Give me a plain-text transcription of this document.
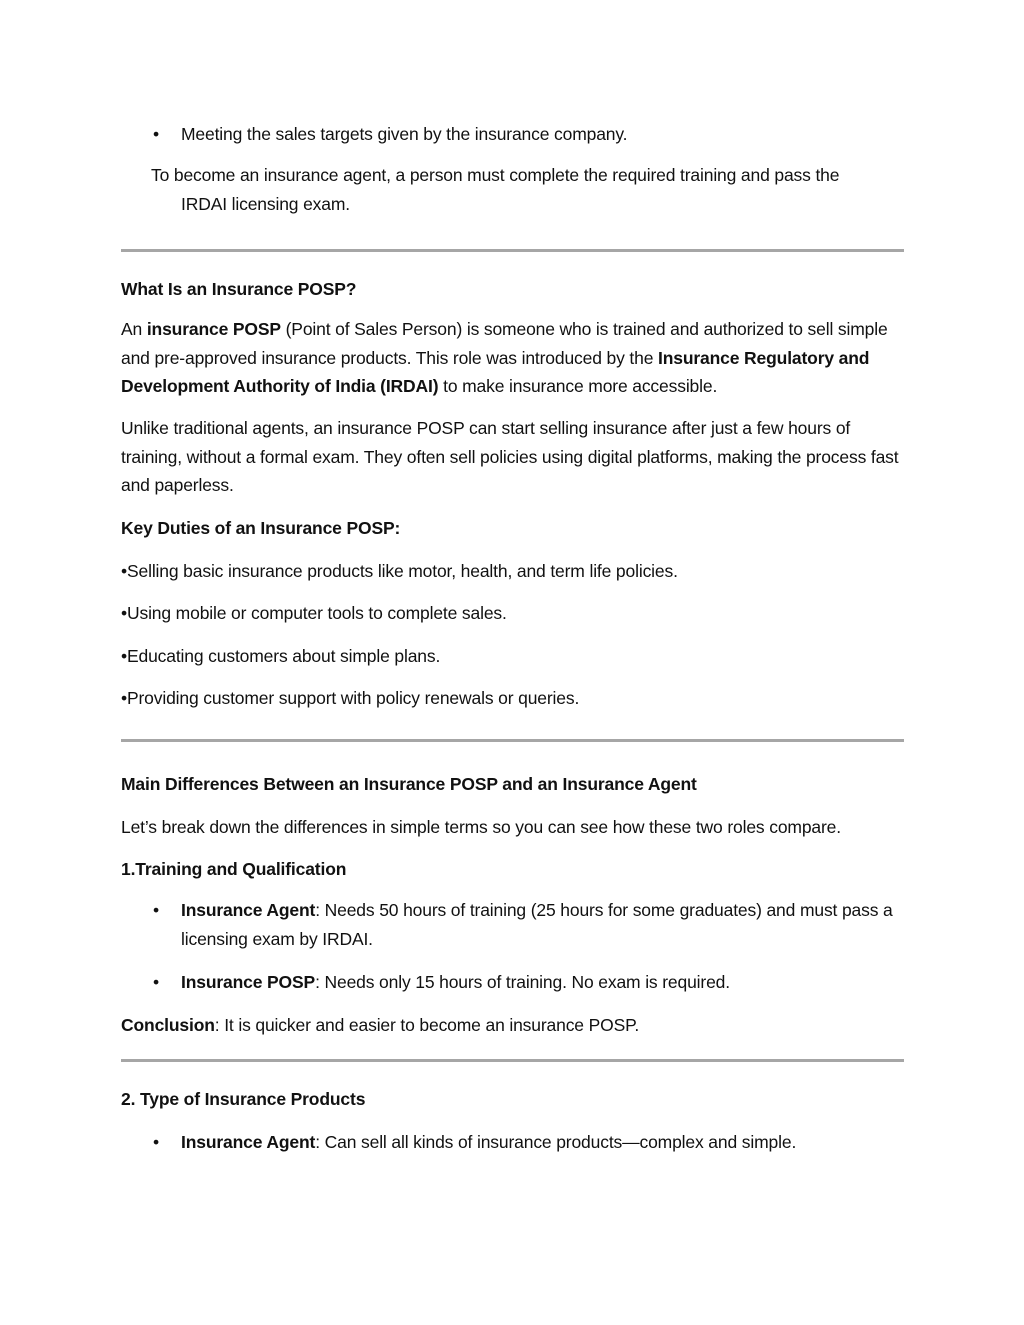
• Meeting the sales targets given by the insurance company.
To become an insurance agent, a person must complete the required training and pass the IRDAI licensing exam.
What Is an Insurance POSP?

An insurance POSP (Point of Sales Person) is someone who is trained and authorized to sell simple and pre-approved insurance products. This role was introduced by the Insurance Regulatory and Development Authority of India (IRDAI) to make insurance more accessible.

Unlike traditional agents, an insurance POSP can start selling insurance after just a few hours of training, without a formal exam. They often sell policies using digital platforms, making the process fast and paperless.

Key Duties of an Insurance POSP:
•Selling basic insurance products like motor, health, and term life policies.
•Using mobile or computer tools to complete sales.
•Educating customers about simple plans.
•Providing customer support with policy renewals or queries.
Main Differences Between an Insurance POSP and an Insurance Agent
Let’s break down the differences in simple terms so you can see how these two roles compare.
1.Training and Qualification
• Insurance Agent: Needs 50 hours of training (25 hours for some graduates) and must pass a licensing exam by IRDAI.
• Insurance POSP: Needs only 15 hours of training. No exam is required.
Conclusion: It is quicker and easier to become an insurance POSP.
2. Type of Insurance Products
• Insurance Agent: Can sell all kinds of insurance products—complex and simple.
